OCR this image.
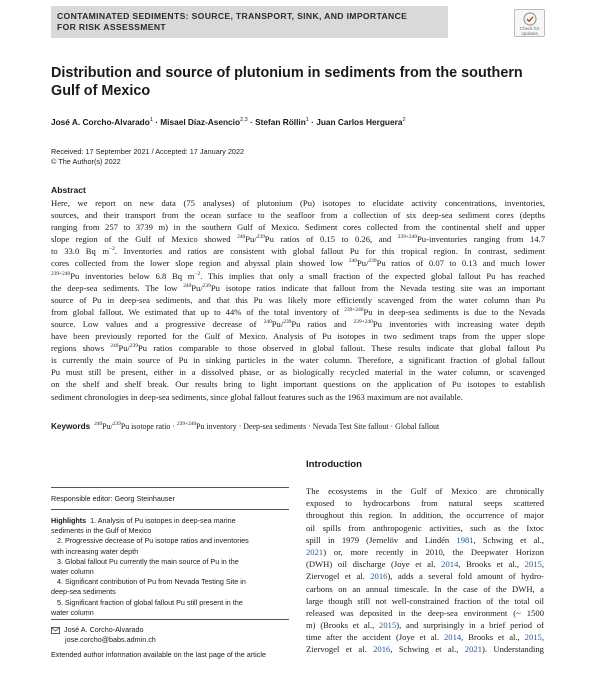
CONTAMINATED SEDIMENTS: SOURCE, TRANSPORT, SINK, AND IMPORTANCE
FOR RISK ASSESSMENT	Check for
updates
Distribution and source of plutonium in sediments from the southern
Gulf of Mexico
José A. Corcho-Alvarado$^1$ · Misael Díaz-Asencio$^{2,3}$ · Stefan Röllin$^1$ · Juan Carlos Herguera$^2$
Received: 17 September 2021 / Accepted: 17 January 2022
© The Author(s) 2022
Abstract
Here, we report on new data (75 analyses) of plutonium (Pu) isotopes to elucidate activity concentrations, inventories,
sources, and their transport from the ocean surface to the seafloor from a collection of six deep-sea sediment cores (depths
ranging from 257 to 3739 m) in the southern Gulf of Mexico. Sediment cores collected from the continental shelf and upper
slope region of the Gulf of Mexico showed $^{240}$Pu/$^{239}$Pu ratios of 0.15 to 0.26, and $^{239+240}$Pu-inventories ranging from 14.7
to 33.0 Bq $m^{-2}$. Inventories and ratios are consistent with global fallout Pu for this tropical region. In contrast, sediment
cores collected from the lower slope region and abyssal plain showed low $^{240}$Pu/$^{239}$Pu ratios of 0.07 to 0.13 and much lower
$^{239+240}$Pu inventories below 6.8 Bq $m^{-2}$. This implies that only a small fraction of the expected global fallout Pu has reached
the deep-sea sediments. The low $^{240}$Pu/$^{239}$Pu isotope ratios indicate that fallout from the Nevada testing site was an important
source of Pu in deep-sea sediments, and that this Pu was likely more efficiently scavenged from the water column than Pu
from global fallout. We estimated that up to 44% of the total inventory of $^{239+240}$Pu in deep-sea sediments is due to the Nevada
source. Low values and a progressive decrease of $^{240}$Pu/$^{239}$Pu ratios and $^{239+240}$Pu inventories with increasing water depth
have been previously reported for the Gulf of Mexico. Analysis of Pu isotopes in two sediment traps from the upper slope
regions shows $^{240}$Pu/$^{239}$Pu ratios comparable to those observed in global fallout. These results indicate that global fallout Pu
is currently the main source of Pu in sinking particles in the water column. Therefore, a significant fraction of global fallout
Pu must still be present, either in a dissolved phase, or as biologically recycled material in the water column, or scavenged
on the shelf and shelf break. Our results bring to light important questions on the application of Pu isotopes to establish
sediment chronologies in deep-sea sediments, since global fallout features such as the 1963 maximum are not available.
Keywords $^{240}$Pu/$^{239}$Pu isotope ratio · $^{239+240}$Pu inventory · Deep-sea sediments · Nevada Test Site fallout · Global fallout
Introduction
The ecosystems in the Gulf of Mexico are chronically
exposed to hydrocarbons from natural seeps scattered
throughout this region. In addition, the occurrence of major
oil spills from anthropogenic activities, such as the Ixtoc
spill in 1979 (Jernelöv and Lindén 1981, Schwing et al.,
2021) or, more recently in 2010, the Deepwater Horizon
(DWH) oil discharge (Joye et al. 2014, Brooks et al., 2015,
Ziervogel et al. 2016), adds a several fold amount of hydro-
carbons on an annual timescale. In the case of the DWH, a
large though still not well-constrained fraction of the total oil
released was deposited in the deep-sea environment (~ 1500
m) (Brooks et al., 2015), and surprisingly in a brief period of
time after the accident (Joye et al. 2014, Brooks et al., 2015,
Ziervogel et al. 2016, Schwing et al., 2021). Understanding
Responsible editor: Georg Steinhauser
Highlights 1. Analysis of Pu isotopes in deep-sea marine
sediments in the Gulf of Mexico
2. Progressive decrease of Pu isotope ratios and inventories
with increasing water depth
3. Global fallout Pu currently the main source of Pu in the
water column
4. Significant contribution of Pu from Nevada Testing Site in
deep-sea sediments
5. Significant fraction of global fallout Pu still present in the
water column
José A. Corcho-Alvarado
jose.corcho@babs.admin.ch
Extended author information available on the last page of the article
